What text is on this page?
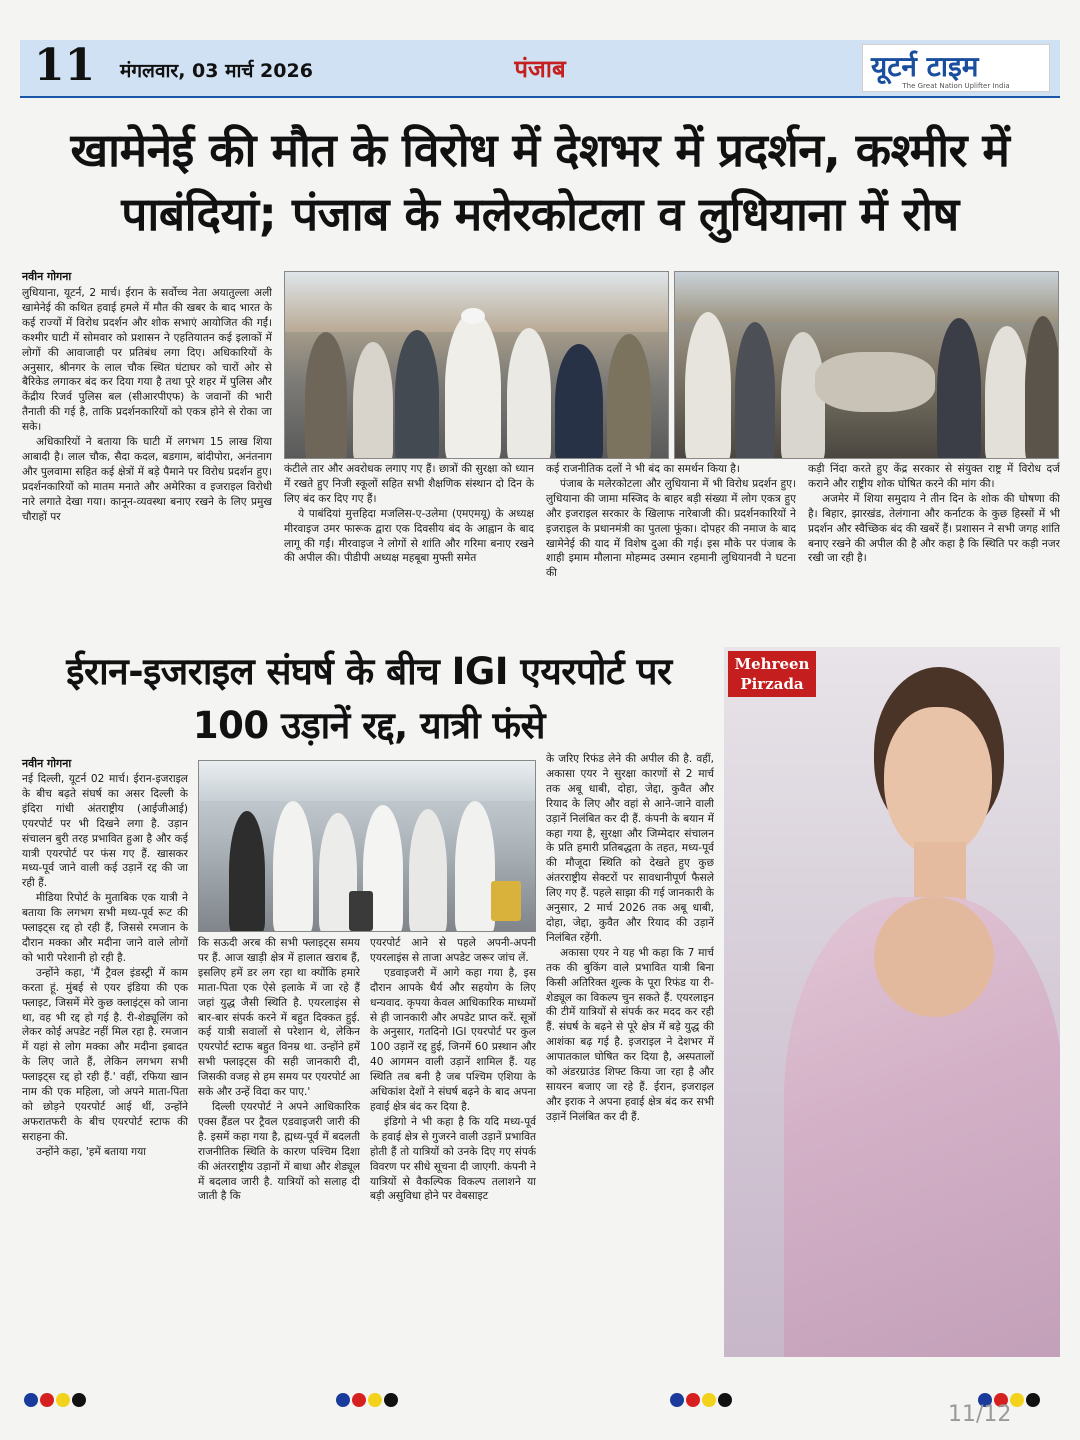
11 मंगलवार, 03 मार्च 2026	पंजाब	यूटर्न टाइम
The Great Nation Uplifter India
खामेनेई की मौत के विरोध में देशभर में प्रदर्शन, कश्मीर में पाबंदियां; पंजाब के मलेरकोटला व लुधियाना में रोष
नवीन गोगना

लुधियाना, यूटर्न, 2 मार्च। ईरान के सर्वोच्च नेता अयातुल्ला अली खामेनेई की कथित हवाई हमले में मौत की खबर के बाद भारत के कई राज्यों में विरोध प्रदर्शन और शोक सभाएं आयोजित की गईं। कश्मीर घाटी में सोमवार को प्रशासन ने एहतियातन कई इलाकों में लोगों की आवाजाही पर प्रतिबंध लगा दिए। अधिकारियों के अनुसार, श्रीनगर के लाल चौक स्थित घंटाघर को चारों ओर से बैरिकेड लगाकर बंद कर दिया गया है तथा पूरे शहर में पुलिस और केंद्रीय रिजर्व पुलिस बल (सीआरपीएफ) के जवानों की भारी तैनाती की गई है, ताकि प्रदर्शनकारियों को एकत्र होने से रोका जा सके।

अधिकारियों ने बताया कि घाटी में लगभग 15 लाख शिया आबादी है। लाल चौक, सैदा कदल, बडगाम, बांदीपोरा, अनंतनाग और पुलवामा सहित कई क्षेत्रों में बड़े पैमाने पर विरोध प्रदर्शन हुए। प्रदर्शनकारियों को मातम मनाते और अमेरिका व इजराइल विरोधी नारे लगाते देखा गया। कानून-व्यवस्था बनाए रखने के लिए प्रमुख चौराहों पर

कंटीले तार और अवरोधक लगाए गए हैं। छात्रों की सुरक्षा को ध्यान में रखते हुए निजी स्कूलों सहित सभी शैक्षणिक संस्थान दो दिन के लिए बंद कर दिए गए हैं।

ये पाबंदियां मुत्तहिदा मजलिस-ए-उलेमा (एमएमयू) के अध्यक्ष मीरवाइज उमर फारूक द्वारा एक दिवसीय बंद के आह्वान के बाद लागू की गईं। मीरवाइज ने लोगों से शांति और गरिमा बनाए रखने की अपील की। पीडीपी अध्यक्ष महबूबा मुफ्ती समेत

कई राजनीतिक दलों ने भी बंद का समर्थन किया है।

पंजाब के मलेरकोटला और लुधियाना में भी विरोध प्रदर्शन हुए। लुधियाना की जामा मस्जिद के बाहर बड़ी संख्या में लोग एकत्र हुए और इजराइल सरकार के खिलाफ नारेबाजी की। प्रदर्शनकारियों ने इजराइल के प्रधानमंत्री का पुतला फूंका। दोपहर की नमाज के बाद खामेनेई की याद में विशेष दुआ की गई। इस मौके पर पंजाब के शाही इमाम मौलाना मोहम्मद उस्मान रहमानी लुधियानवी ने घटना की

कड़ी निंदा करते हुए केंद्र सरकार से संयुक्त राष्ट्र में विरोध दर्ज कराने और राष्ट्रीय शोक घोषित करने की मांग की।

अजमेर में शिया समुदाय ने तीन दिन के शोक की घोषणा की है। बिहार, झारखंड, तेलंगाना और कर्नाटक के कुछ हिस्सों में भी प्रदर्शन और स्वैच्छिक बंद की खबरें हैं। प्रशासन ने सभी जगह शांति बनाए रखने की अपील की है और कहा है कि स्थिति पर कड़ी नजर रखी जा रही है।

ईरान-इजराइल संघर्ष के बीच IGI एयरपोर्ट पर 100 उड़ानें रद्द, यात्री फंसे
नवीन गोगना

नई दिल्ली, यूटर्न 02 मार्च। ईरान-इजराइल के बीच बढ़ते संघर्ष का असर दिल्ली के इंदिरा गांधी अंतराष्ट्रीय (आईजीआई) एयरपोर्ट पर भी दिखने लगा है. उड़ान संचालन बुरी तरह प्रभावित हुआ है और कई यात्री एयरपोर्ट पर फंस गए हैं. खासकर मध्य-पूर्व जाने वाली कई उड़ानें रद्द की जा रही हैं.

मीडिया रिपोर्ट के मुताबिक एक यात्री ने बताया कि लगभग सभी मध्य-पूर्व रूट की फ्लाइट्स रद्द हो रही हैं, जिससे रमजान के दौरान मक्का और मदीना जाने वाले लोगों को भारी परेशानी हो रही है.

उन्होंने कहा, 'मैं ट्रैवल इंडस्ट्री में काम करता हूं. मुंबई से एयर इंडिया की एक फ्लाइट, जिसमें मेरे कुछ क्लाइंट्स को जाना था, वह भी रद्द हो गई है. री-शेड्यूलिंग को लेकर कोई अपडेट नहीं मिल रहा है. रमजान में यहां से लोग मक्का और मदीना इबादत के लिए जाते हैं, लेकिन लगभग सभी फ्लाइट्स रद्द हो रही हैं.' वहीं, रफिया खान नाम की एक महिला, जो अपने माता-पिता को छोड़ने एयरपोर्ट आई थीं, उन्होंने अफरातफरी के बीच एयरपोर्ट स्टाफ की सराहना की.

उन्होंने कहा, 'हमें बताया गया

कि सऊदी अरब की सभी फ्लाइट्स समय पर हैं. आज खाड़ी क्षेत्र में हालात खराब हैं, इसलिए हमें डर लग रहा था क्योंकि हमारे माता-पिता एक ऐसे इलाके में जा रहे हैं जहां युद्ध जैसी स्थिति है. एयरलाइंस से बार-बार संपर्क करने में बहुत दिक्कत हुई. कई यात्री सवालों से परेशान थे, लेकिन एयरपोर्ट स्टाफ बहुत विनम्र था. उन्होंने हमें सभी फ्लाइट्स की सही जानकारी दी, जिसकी वजह से हम समय पर एयरपोर्ट आ सके और उन्हें विदा कर पाए.'

दिल्ली एयरपोर्ट ने अपने आधिकारिक एक्स हैंडल पर ट्रैवल एडवाइजरी जारी की है. इसमें कहा गया है, ह्मध्य-पूर्व में बदलती राजनीतिक स्थिति के कारण पश्चिम दिशा की अंतरराष्ट्रीय उड़ानों में बाधा और शेड्यूल में बदलाव जारी है. यात्रियों को सलाह दी जाती है कि

एयरपोर्ट आने से पहले अपनी-अपनी एयरलाइंस से ताजा अपडेट जरूर जांच लें.

एडवाइजरी में आगे कहा गया है, इस दौरान आपके धैर्य और सहयोग के लिए धन्यवाद. कृपया केवल आधिकारिक माध्यमों से ही जानकारी और अपडेट प्राप्त करें. सूत्रों के अनुसार, गतदिनो IGI एयरपोर्ट पर कुल 100 उड़ानें रद्द हुई, जिनमें 60 प्रस्थान और 40 आगमन वाली उड़ानें शामिल हैं. यह स्थिति तब बनी है जब पश्चिम एशिया के अधिकांश देशों ने संघर्ष बढ़ने के बाद अपना हवाई क्षेत्र बंद कर दिया है.

इंडिगो ने भी कहा है कि यदि मध्य-पूर्व के हवाई क्षेत्र से गुजरने वाली उड़ानें प्रभावित होती हैं तो यात्रियों को उनके दिए गए संपर्क विवरण पर सीधे सूचना दी जाएगी. कंपनी ने यात्रियों से वैकल्पिक विकल्प तलाशने या बड़ी असुविधा होने पर वेबसाइट

के जरिए रिफंड लेने की अपील की है. वहीं, अकासा एयर ने सुरक्षा कारणों से 2 मार्च तक अबू धाबी, दोहा, जेद्दा, कुवैत और रियाद के लिए और वहां से आने-जाने वाली उड़ानें निलंबित कर दी हैं. कंपनी के बयान में कहा गया है, सुरक्षा और जिम्मेदार संचालन के प्रति हमारी प्रतिबद्धता के तहत, मध्य-पूर्व की मौजूदा स्थिति को देखते हुए कुछ अंतरराष्ट्रीय सेक्टरों पर सावधानीपूर्ण फैसले लिए गए हैं. पहले साझा की गई जानकारी के अनुसार, 2 मार्च 2026 तक अबू धाबी, दोहा, जेद्दा, कुवैत और रियाद की उड़ानें निलंबित रहेंगी.

अकासा एयर ने यह भी कहा कि 7 मार्च तक की बुकिंग वाले प्रभावित यात्री बिना किसी अतिरिक्त शुल्क के पूरा रिफंड या री-शेड्यूल का विकल्प चुन सकते हैं. एयरलाइन की टीमें यात्रियों से संपर्क कर मदद कर रही हैं. संघर्ष के बढ़ने से पूरे क्षेत्र में बड़े युद्ध की आशंका बढ़ गई है. इजराइल ने देशभर में आपातकाल घोषित कर दिया है, अस्पतालों को अंडरग्राउंड शिफ्ट किया जा रहा है और सायरन बजाए जा रहे हैं. ईरान, इजराइल और इराक ने अपना हवाई क्षेत्र बंद कर सभी उड़ानें निलंबित कर दी हैं.

Mehreen Pirzada
11/12
